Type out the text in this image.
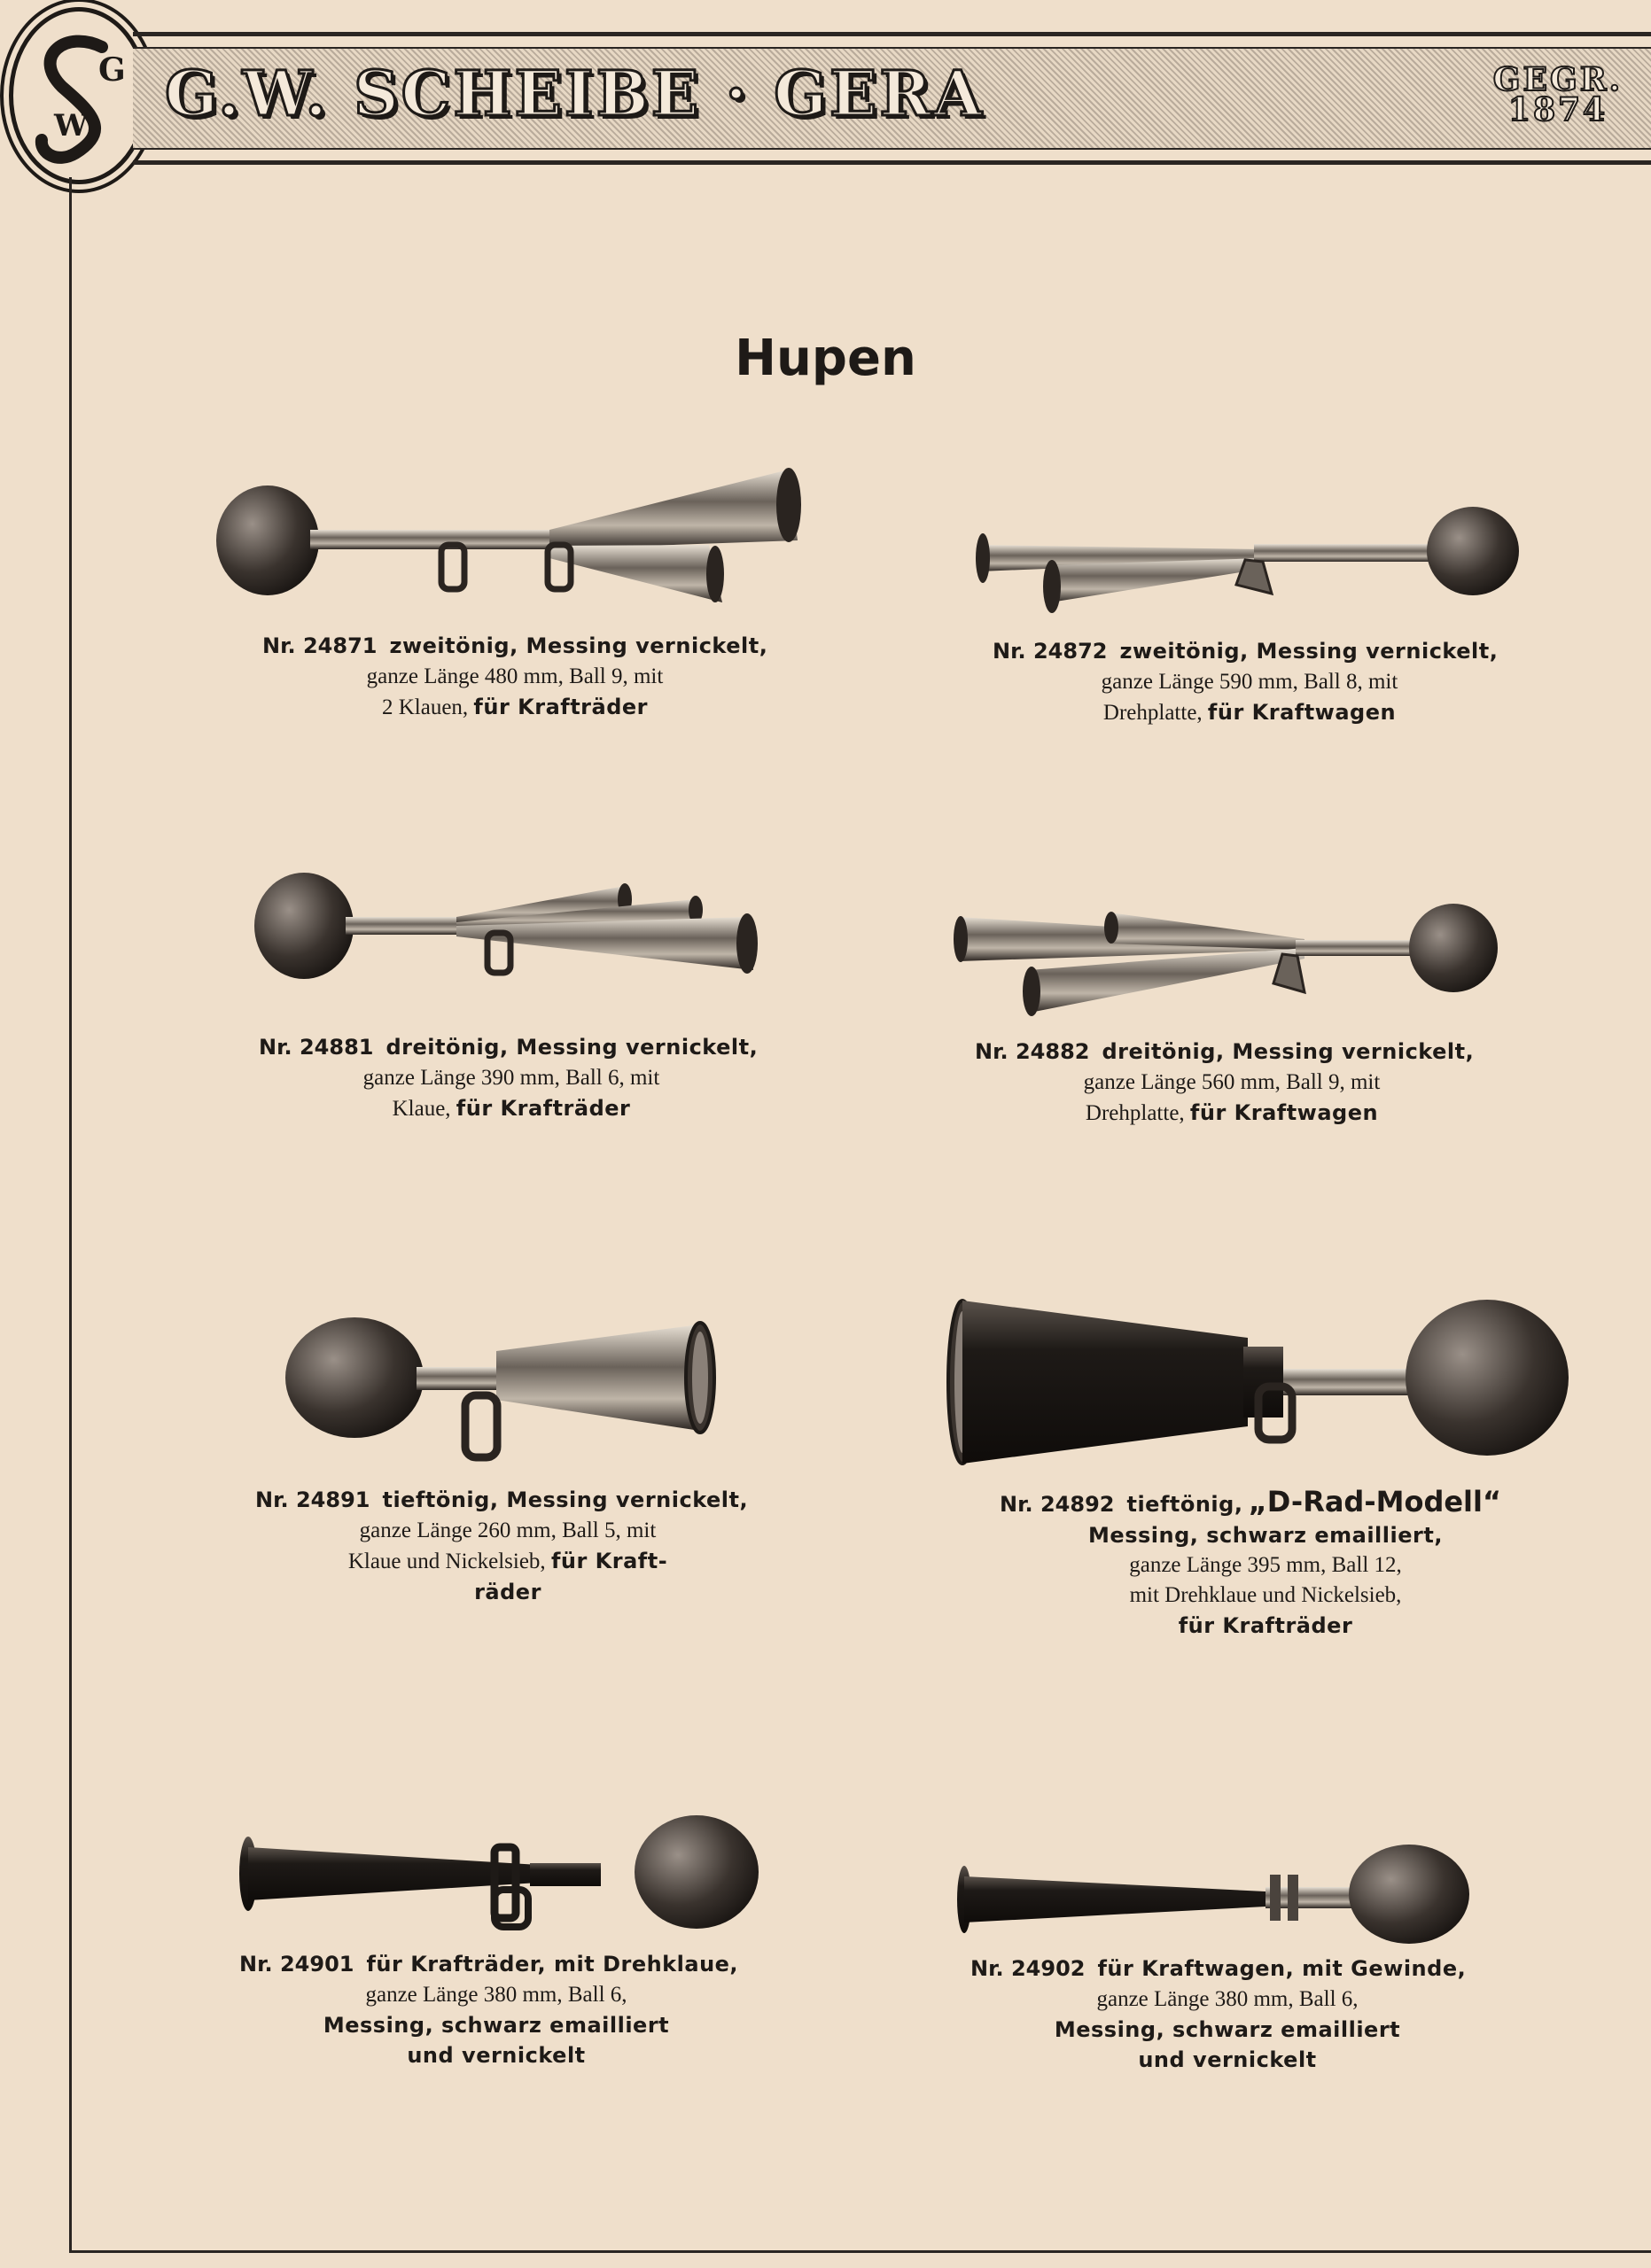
G
W G.W. SCHEIBE · GERA	GEGR.
1874
Hupen
Nr. 24871 zweitönig, Messing vernickelt,
ganze Länge 480 mm, Ball 9, mit
2 Klauen, für Krafträder
Nr. 24872 zweitönig, Messing vernickelt,
ganze Länge 590 mm, Ball 8, mit
Drehplatte, für Kraftwagen
Nr. 24881 dreitönig, Messing vernickelt,
ganze Länge 390 mm, Ball 6, mit
Klaue, für Krafträder
Nr. 24882 dreitönig, Messing vernickelt,
ganze Länge 560 mm, Ball 9, mit
Drehplatte, für Kraftwagen
Nr. 24891 tieftönig, Messing vernickelt,
ganze Länge 260 mm, Ball 5, mit
Klaue und Nickelsieb, für Kraft-
räder
Nr. 24892 tieftönig, „D-Rad-Modell“
Messing, schwarz emailliert,
ganze Länge 395 mm, Ball 12,
mit Drehklaue und Nickelsieb,
für Krafträder
Nr. 24901 für Krafträder, mit Drehklaue,
ganze Länge 380 mm, Ball 6,
Messing, schwarz emailliert
und vernickelt
Nr. 24902 für Kraftwagen, mit Gewinde,
ganze Länge 380 mm, Ball 6,
Messing, schwarz emailliert
und vernickelt
